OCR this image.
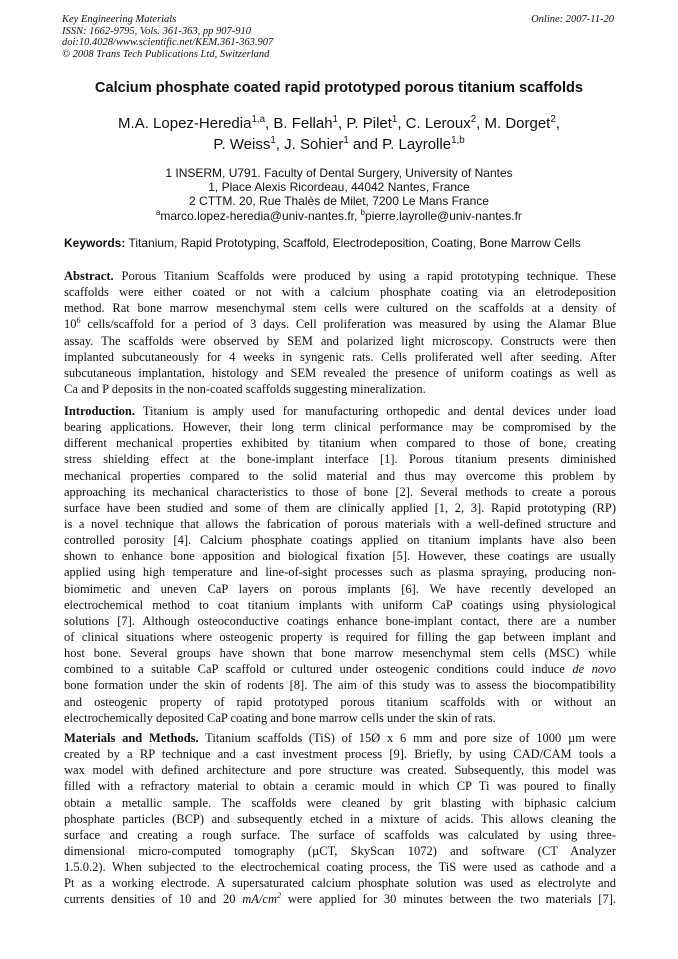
Key Engineering Materials
ISSN: 1662-9795, Vols. 361-363, pp 907-910
doi:10.4028/www.scientific.net/KEM.361-363.907
© 2008 Trans Tech Publications Ltd, Switzerland
Online: 2007-11-20
Calcium phosphate coated rapid prototyped porous titanium scaffolds
M.A. Lopez-Heredia$^{1,a}$, B. Fellah$^1$, P. Pilet$^1$, C. Leroux$^2$, M. Dorget$^2$,
P. Weiss$^1$, J. Sohier$^1$ and P. Layrolle$^{1,b}$
1 INSERM, U791. Faculty of Dental Surgery, University of Nantes
1, Place Alexis Ricordeau, 44042 Nantes, France
2 CTTM. 20, Rue Thalès de Milet, 7200 Le Mans France
$^a$marco.lopez-heredia@univ-nantes.fr, $^b$pierre.layrolle@univ-nantes.fr
Keywords: Titanium, Rapid Prototyping, Scaffold, Electrodeposition, Coating, Bone Marrow Cells
Abstract. Porous Titanium Scaffolds were produced by using a rapid prototyping technique. These
scaffolds were either coated or not with a calcium phosphate coating via an eletrodeposition
method. Rat bone marrow mesenchymal stem cells were cultured on the scaffolds at a density of
$10^6$ cells/scaffold for a period of 3 days. Cell proliferation was measured by using the Alamar Blue
assay. The scaffolds were observed by SEM and polarized light microscopy. Constructs were then
implanted subcutaneously for 4 weeks in syngenic rats. Cells proliferated well after seeding. After
subcutaneous implantation, histology and SEM revealed the presence of uniform coatings as well as
Ca and P deposits in the non-coated scaffolds suggesting mineralization.
Introduction. Titanium is amply used for manufacturing orthopedic and dental devices under load
bearing applications. However, their long term clinical performance may be compromised by the
different mechanical properties exhibited by titanium when compared to those of bone, creating
stress shielding effect at the bone-implant interface [1]. Porous titanium presents diminished
mechanical properties compared to the solid material and thus may overcome this problem by
approaching its mechanical characteristics to those of bone [2]. Several methods to create a porous
surface have been studied and some of them are clinically applied [1, 2, 3]. Rapid prototyping (RP)
is a novel technique that allows the fabrication of porous materials with a well-defined structure and
controlled porosity [4]. Calcium phosphate coatings applied on titanium implants have also been
shown to enhance bone apposition and biological fixation [5]. However, these coatings are usually
applied using high temperature and line-of-sight processes such as plasma spraying, producing non-
biomimetic and uneven CaP layers on porous implants [6]. We have recently developed an
electrochemical method to coat titanium implants with uniform CaP coatings using physiological
solutions [7]. Although osteoconductive coatings enhance bone-implant contact, there are a number
of clinical situations where osteogenic property is required for filling the gap between implant and
host bone. Several groups have shown that bone marrow mesenchymal stem cells (MSC) while
combined to a suitable CaP scaffold or cultured under osteogenic conditions could induce de novo
bone formation under the skin of rodents [8]. The aim of this study was to assess the biocompatibility
and osteogenic property of rapid prototyped porous titanium scaffolds with or without an
electrochemically deposited CaP coating and bone marrow cells under the skin of rats.
Materials and Methods. Titanium scaffolds (TiS) of 15Ø x 6 mm and pore size of 1000 µm were
created by a RP technique and a cast investment process [9]. Briefly, by using CAD/CAM tools a
wax model with defined architecture and pore structure was created. Subsequently, this model was
filled with a refractory material to obtain a ceramic mould in which CP Ti was poured to finally
obtain a metallic sample. The scaffolds were cleaned by grit blasting with biphasic calcium
phosphate particles (BCP) and subsequently etched in a mixture of acids. This allows cleaning the
surface and creating a rough surface. The surface of scaffolds was calculated by using three-
dimensional micro-computed tomography (µCT, SkyScan 1072) and software (CT Analyzer
1.5.0.2). When subjected to the electrochemical coating process, the TiS were used as cathode and a
Pt as a working electrode. A supersaturated calcium phosphate solution was used as electrolyte and
currents densities of 10 and 20 $mA/cm^2$ were applied for 30 minutes between the two materials [7].
